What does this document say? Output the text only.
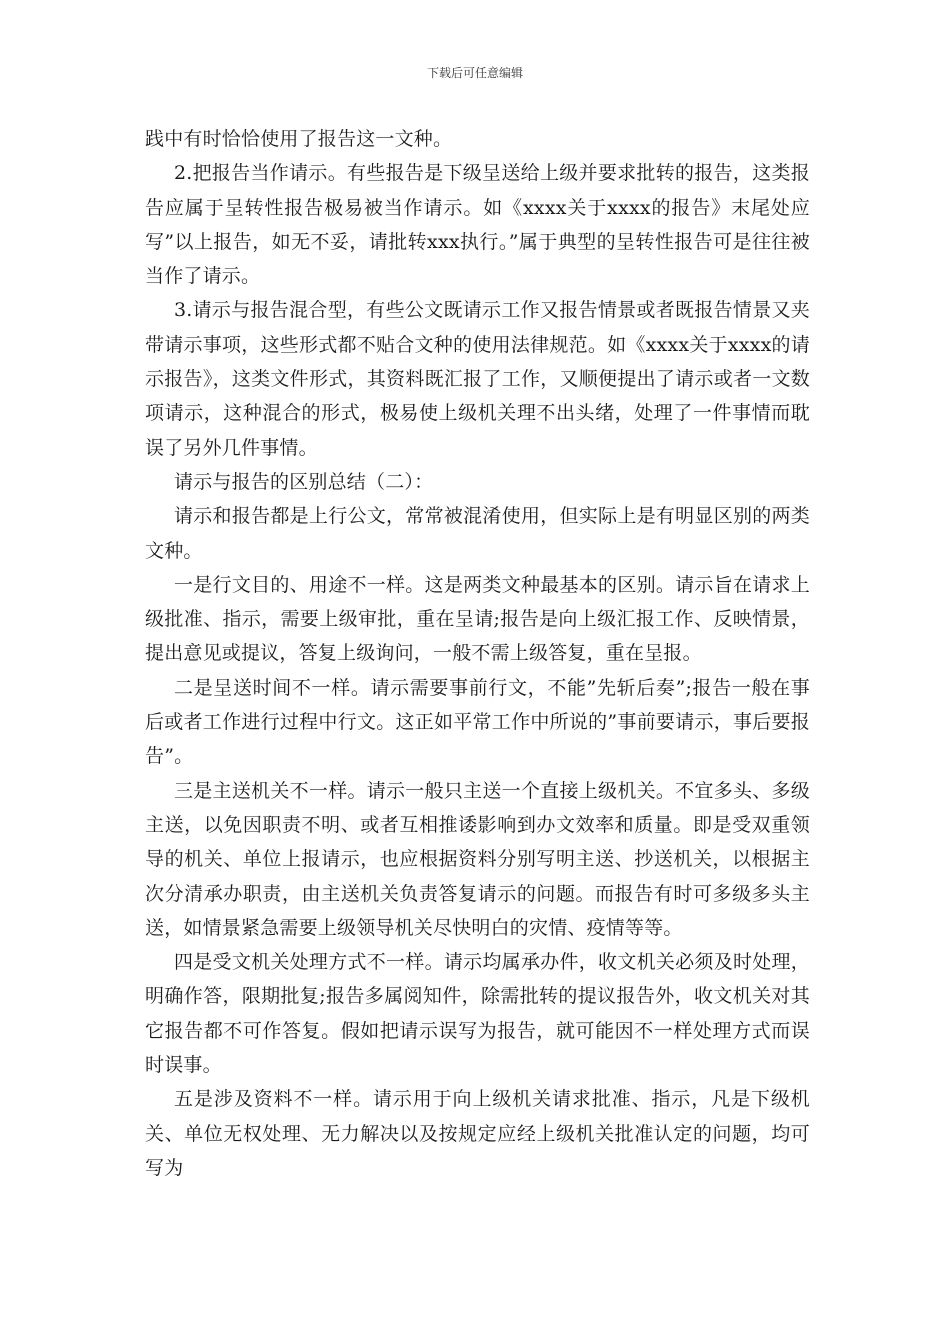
下载后可任意编辑

践中有时恰恰使用了报告这一文种。

2.把报告当作请示。有些报告是下级呈送给上级并要求批转的报告，这类报告应属于呈转性报告极易被当作请示。如《xxxx关于xxxx的报告》末尾处应写”以上报告，如无不妥，请批转xxx执行。”属于典型的呈转性报告可是往往被当作了请示。

3.请示与报告混合型，有些公文既请示工作又报告情景或者既报告情景又夹带请示事项，这些形式都不贴合文种的使用法律规范。如《xxxx关于xxxx的请示报告》，这类文件形式，其资料既汇报了工作，又顺便提出了请示或者一文数项请示，这种混合的形式，极易使上级机关理不出头绪，处理了一件事情而耽误了另外几件事情。

请示与报告的区别总结（二）：

请示和报告都是上行公文，常常被混淆使用，但实际上是有明显区别的两类文种。

一是行文目的、用途不一样。这是两类文种最基本的区别。请示旨在请求上级批准、指示，需要上级审批，重在呈请;报告是向上级汇报工作、反映情景，提出意见或提议，答复上级询问，一般不需上级答复，重在呈报。

二是呈送时间不一样。请示需要事前行文，不能”先斩后奏”;报告一般在事后或者工作进行过程中行文。这正如平常工作中所说的”事前要请示，事后要报告”。

三是主送机关不一样。请示一般只主送一个直接上级机关。不宜多头、多级主送，以免因职责不明、或者互相推诿影响到办文效率和质量。即是受双重领导的机关、单位上报请示，也应根据资料分别写明主送、抄送机关，以根据主次分清承办职责，由主送机关负责答复请示的问题。而报告有时可多级多头主送，如情景紧急需要上级领导机关尽快明白的灾情、疫情等等。

四是受文机关处理方式不一样。请示均属承办件，收文机关必须及时处理，明确作答，限期批复;报告多属阅知件，除需批转的提议报告外，收文机关对其它报告都不可作答复。假如把请示误写为报告，就可能因不一样处理方式而误时误事。

五是涉及资料不一样。请示用于向上级机关请求批准、指示，凡是下级机关、单位无权处理、无力解决以及按规定应经上级机关批准认定的问题，均可写为
